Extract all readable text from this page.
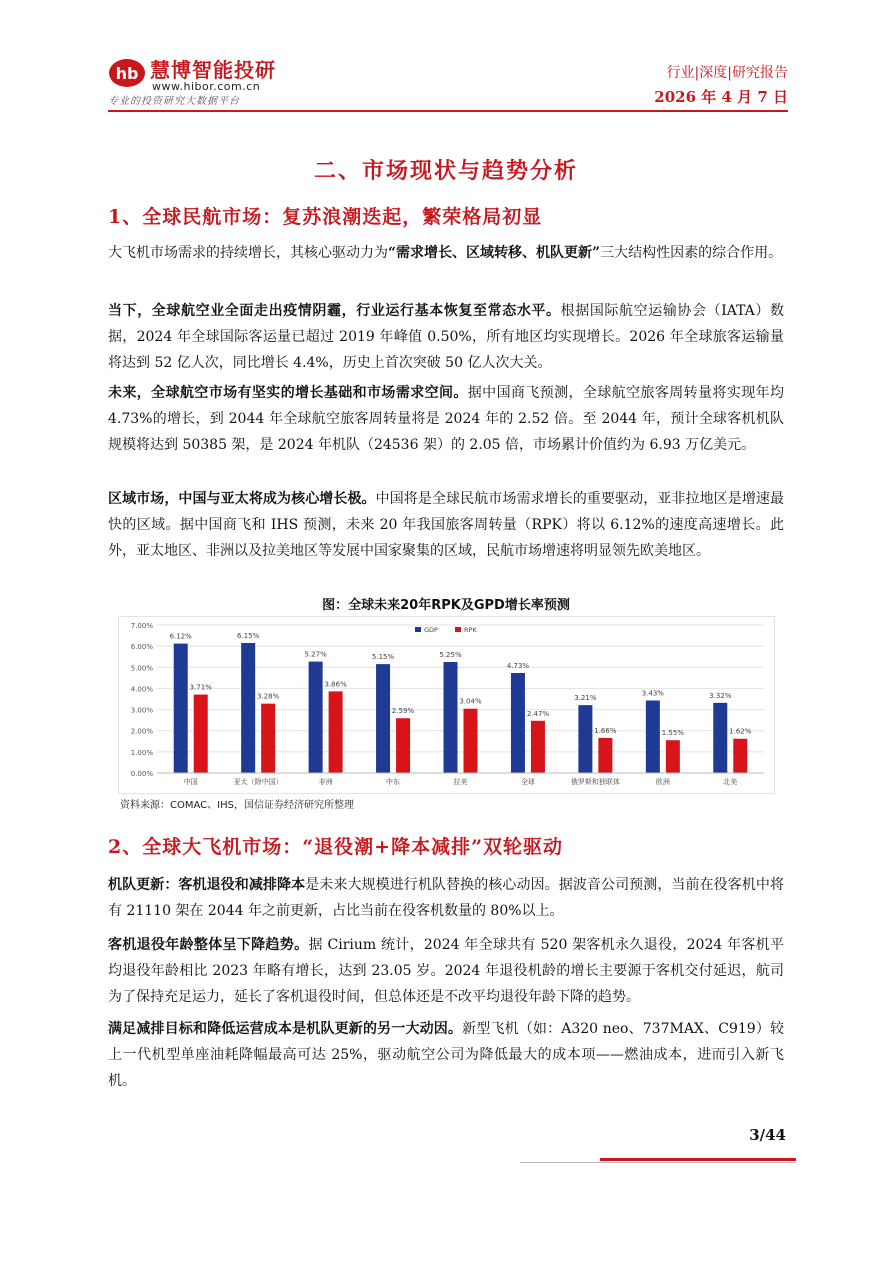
hb 慧博智能投研
www.hibor.com.cn
专业的投资研究大数据平台
行业|深度|研究报告
2026 年 4 月 7 日
二、市场现状与趋势分析
1、全球民航市场：复苏浪潮迭起，繁荣格局初显
大飞机市场需求的持续增长，其核心驱动力为“需求增长、区域转移、机队更新”三大结构性因素的综合作用。
当下，全球航空业全面走出疫情阴霾，行业运行基本恢复至常态水平。根据国际航空运输协会（IATA）数据，2024 年全球国际客运量已超过 2019 年峰值 0.50%，所有地区均实现增长。2026 年全球旅客运输量将达到 52 亿人次，同比增长 4.4%，历史上首次突破 50 亿人次大关。
未来，全球航空市场有坚实的增长基础和市场需求空间。据中国商飞预测，全球航空旅客周转量将实现年均 4.73%的增长，到 2044 年全球航空旅客周转量将是 2024 年的 2.52 倍。至 2044 年，预计全球客机机队规模将达到 50385 架，是 2024 年机队（24536 架）的 2.05 倍，市场累计价值约为 6.93 万亿美元。
区域市场，中国与亚太将成为核心增长极。中国将是全球民航市场需求增长的重要驱动，亚非拉地区是增速最快的区域。据中国商飞和 IHS 预测，未来 20 年我国旅客周转量（RPK）将以 6.12%的速度高速增长。此外，亚太地区、非洲以及拉美地区等发展中国家聚集的区域，民航市场增速将明显领先欧美地区。
图：全球未来20年RPK及GPD增长率预测
0.00%
1.00%
2.00%
3.00%
4.00%
5.00%
6.00%
7.00%
6.12%
3.71%
中国
6.15%
3.28%
亚太（除中国）
5.27%
3.86%
非洲
5.15%
2.59%
中东
5.25%
3.04%
拉美
4.73%
2.47%
全球
3.21%
1.66%
俄罗斯和独联体
3.43%
1.55%
欧洲
3.32%
1.62%
北美
GDP	RPK
资料来源：COMAC、IHS，国信证券经济研究所整理
2、全球大飞机市场：“退役潮+降本减排”双轮驱动
机队更新：客机退役和减排降本是未来大规模进行机队替换的核心动因。据波音公司预测，当前在役客机中将有 21110 架在 2044 年之前更新，占比当前在役客机数量的 80%以上。
客机退役年龄整体呈下降趋势。据 Cirium 统计，2024 年全球共有 520 架客机永久退役，2024 年客机平均退役年龄相比 2023 年略有增长，达到 23.05 岁。2024 年退役机龄的增长主要源于客机交付延迟，航司为了保持充足运力，延长了客机退役时间，但总体还是不改平均退役年龄下降的趋势。
满足减排目标和降低运营成本是机队更新的另一大动因。新型飞机（如：A320 neo、737MAX、C919）较上一代机型单座油耗降幅最高可达 25%，驱动航空公司为降低最大的成本项——燃油成本，进而引入新飞机。
3/44
